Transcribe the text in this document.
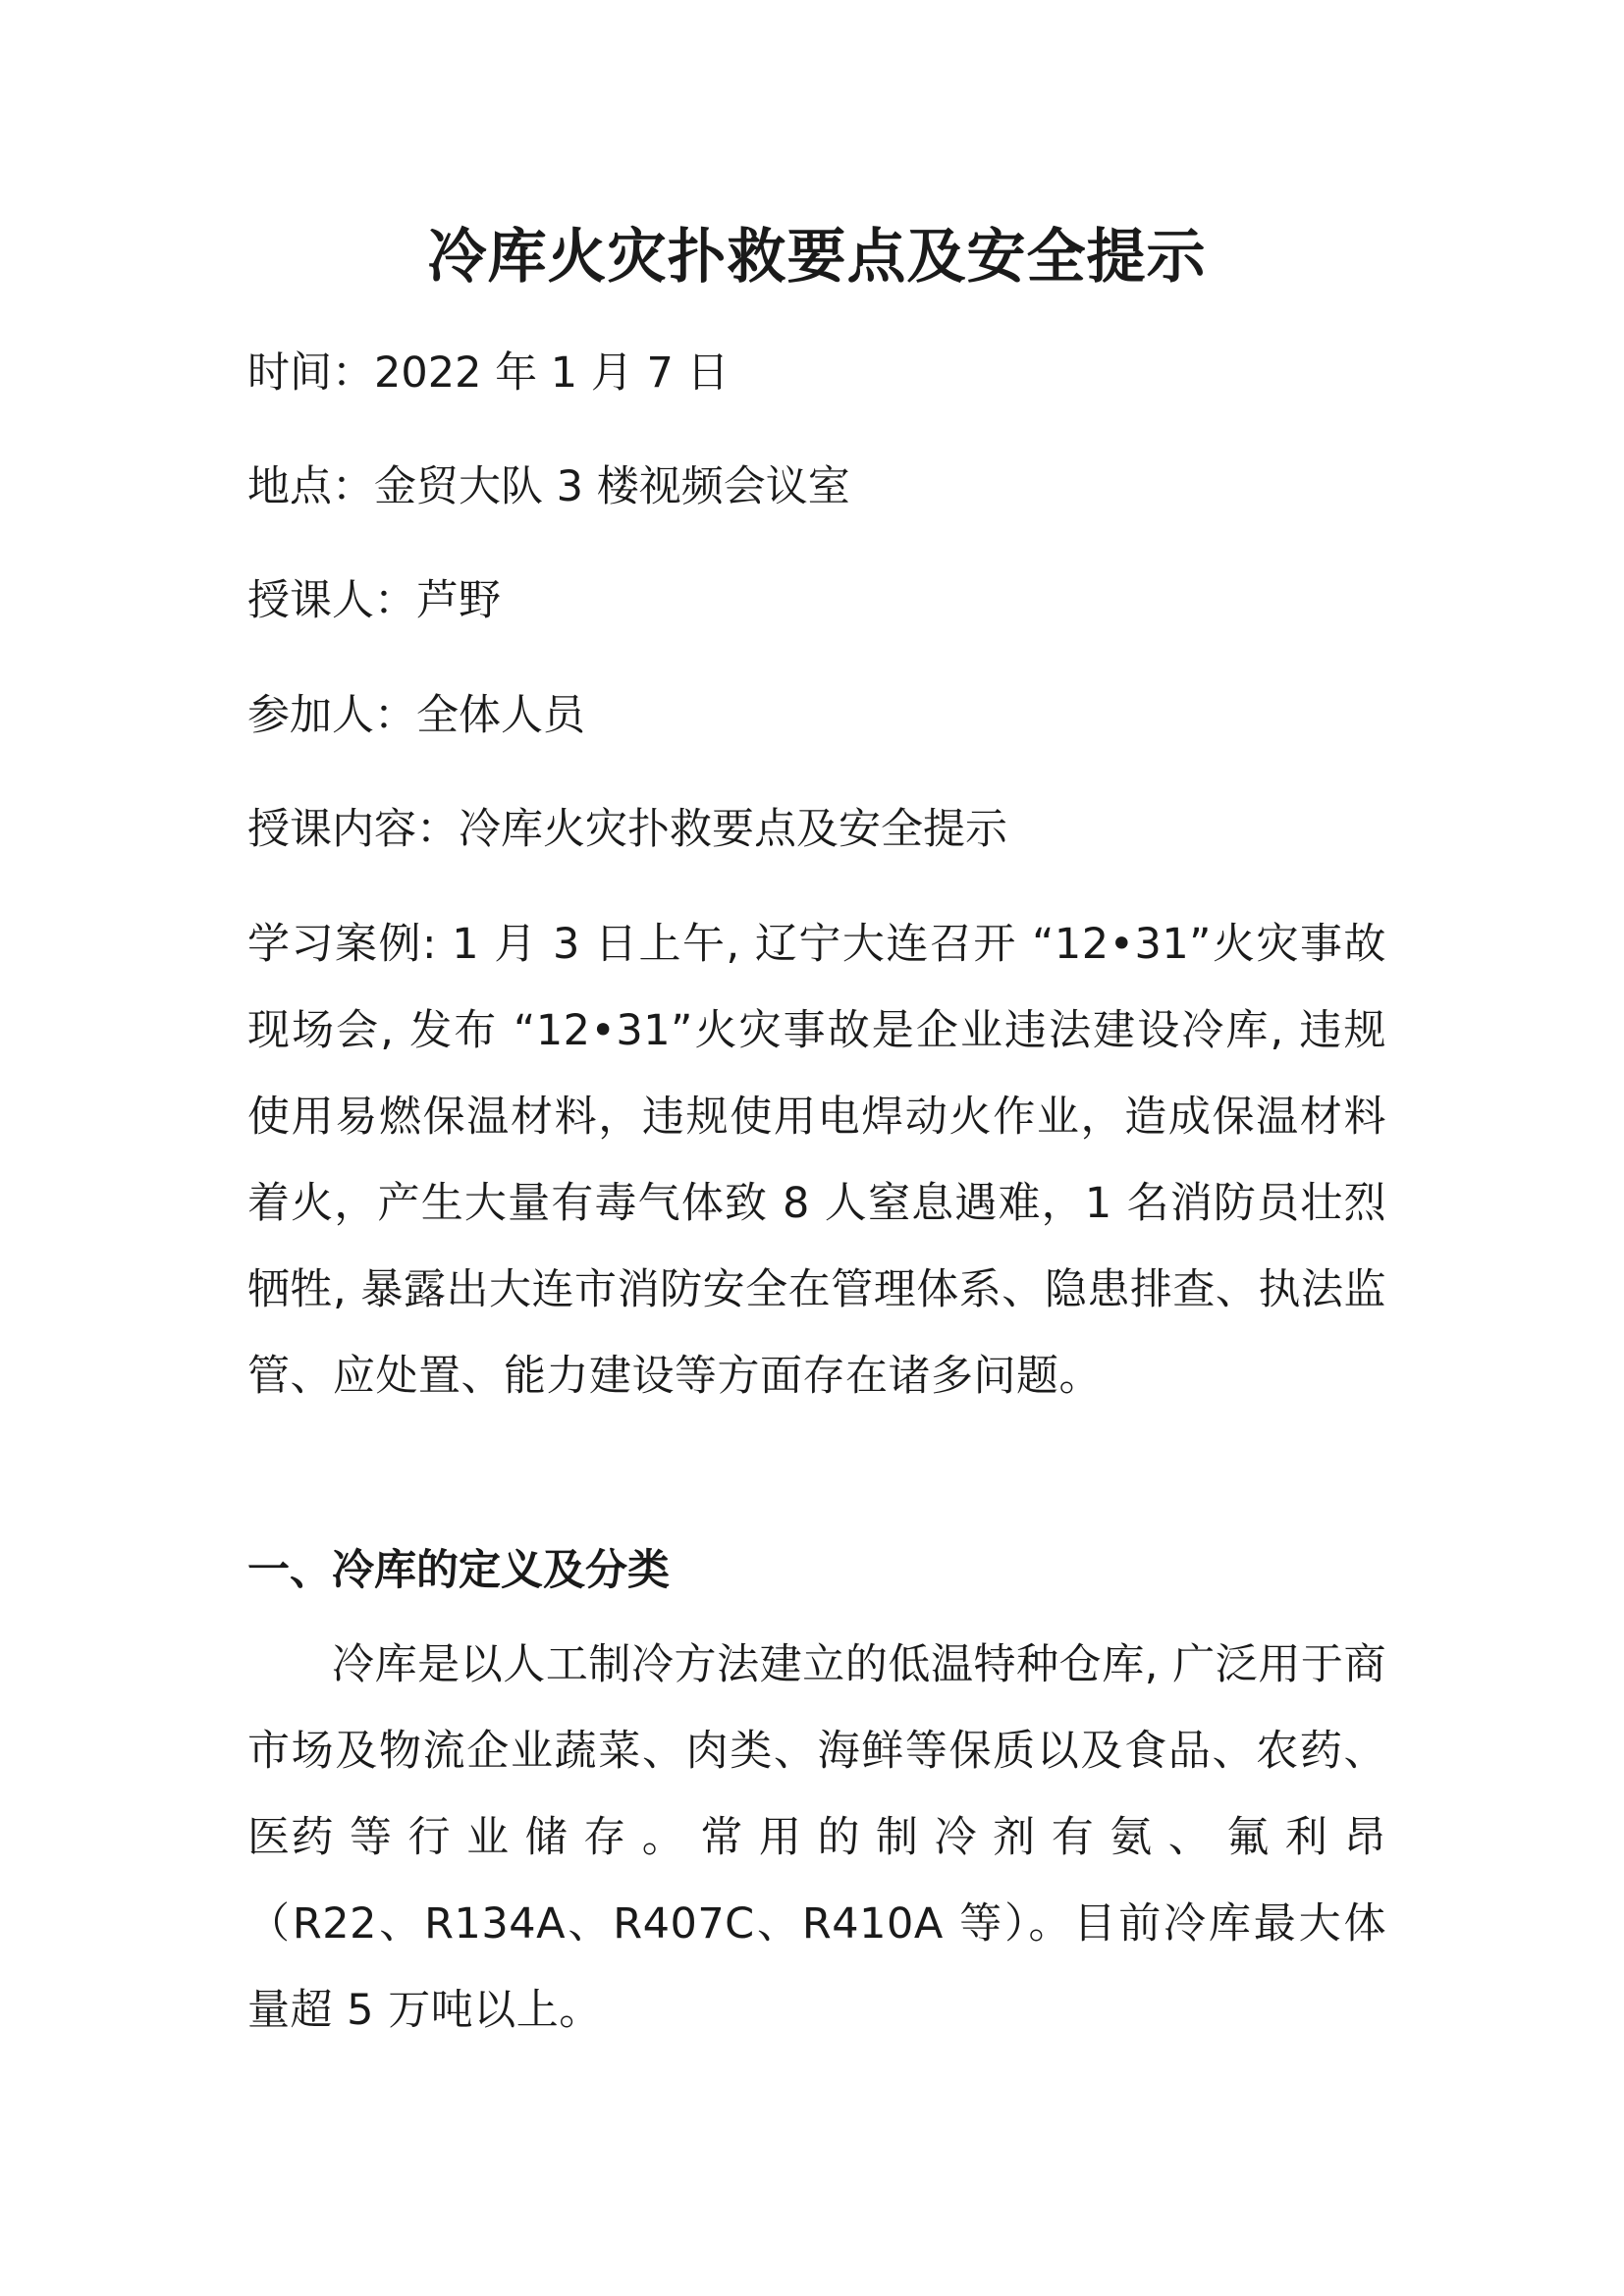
冷库火灾扑救要点及安全提示

时间：2022 年 1 月 7 日

地点：金贸大队 3 楼视频会议室

授课人：芦野

参加人：全体人员

授课内容：冷库火灾扑救要点及安全提示

学习案例: 1 月 3 日上午, 辽宁大连召开 “12•31”火灾事故现场会, 发布 “12•31”火灾事故是企业违法建设冷库, 违规使用易燃保温材料，违规使用电焊动火作业，造成保温材料着火，产生大量有毒气体致 8 人窒息遇难，1 名消防员壮烈牺牲, 暴露出大连市消防安全在管理体系、隐患排查、执法监管、应处置、能力建设等方面存在诸多问题。

一、冷库的定义及分类

冷库是以人工制冷方法建立的低温特种仓库, 广泛用于商市场及物流企业蔬菜、肉类、海鲜等保质以及食品、农药、医药 等 行 业 储 存 。 常 用 的 制 冷 剂 有 氨 、 氟 利 昂 （R22、R134A、R407C、R410A 等）。目前冷库最大体量超 5 万吨以上。
